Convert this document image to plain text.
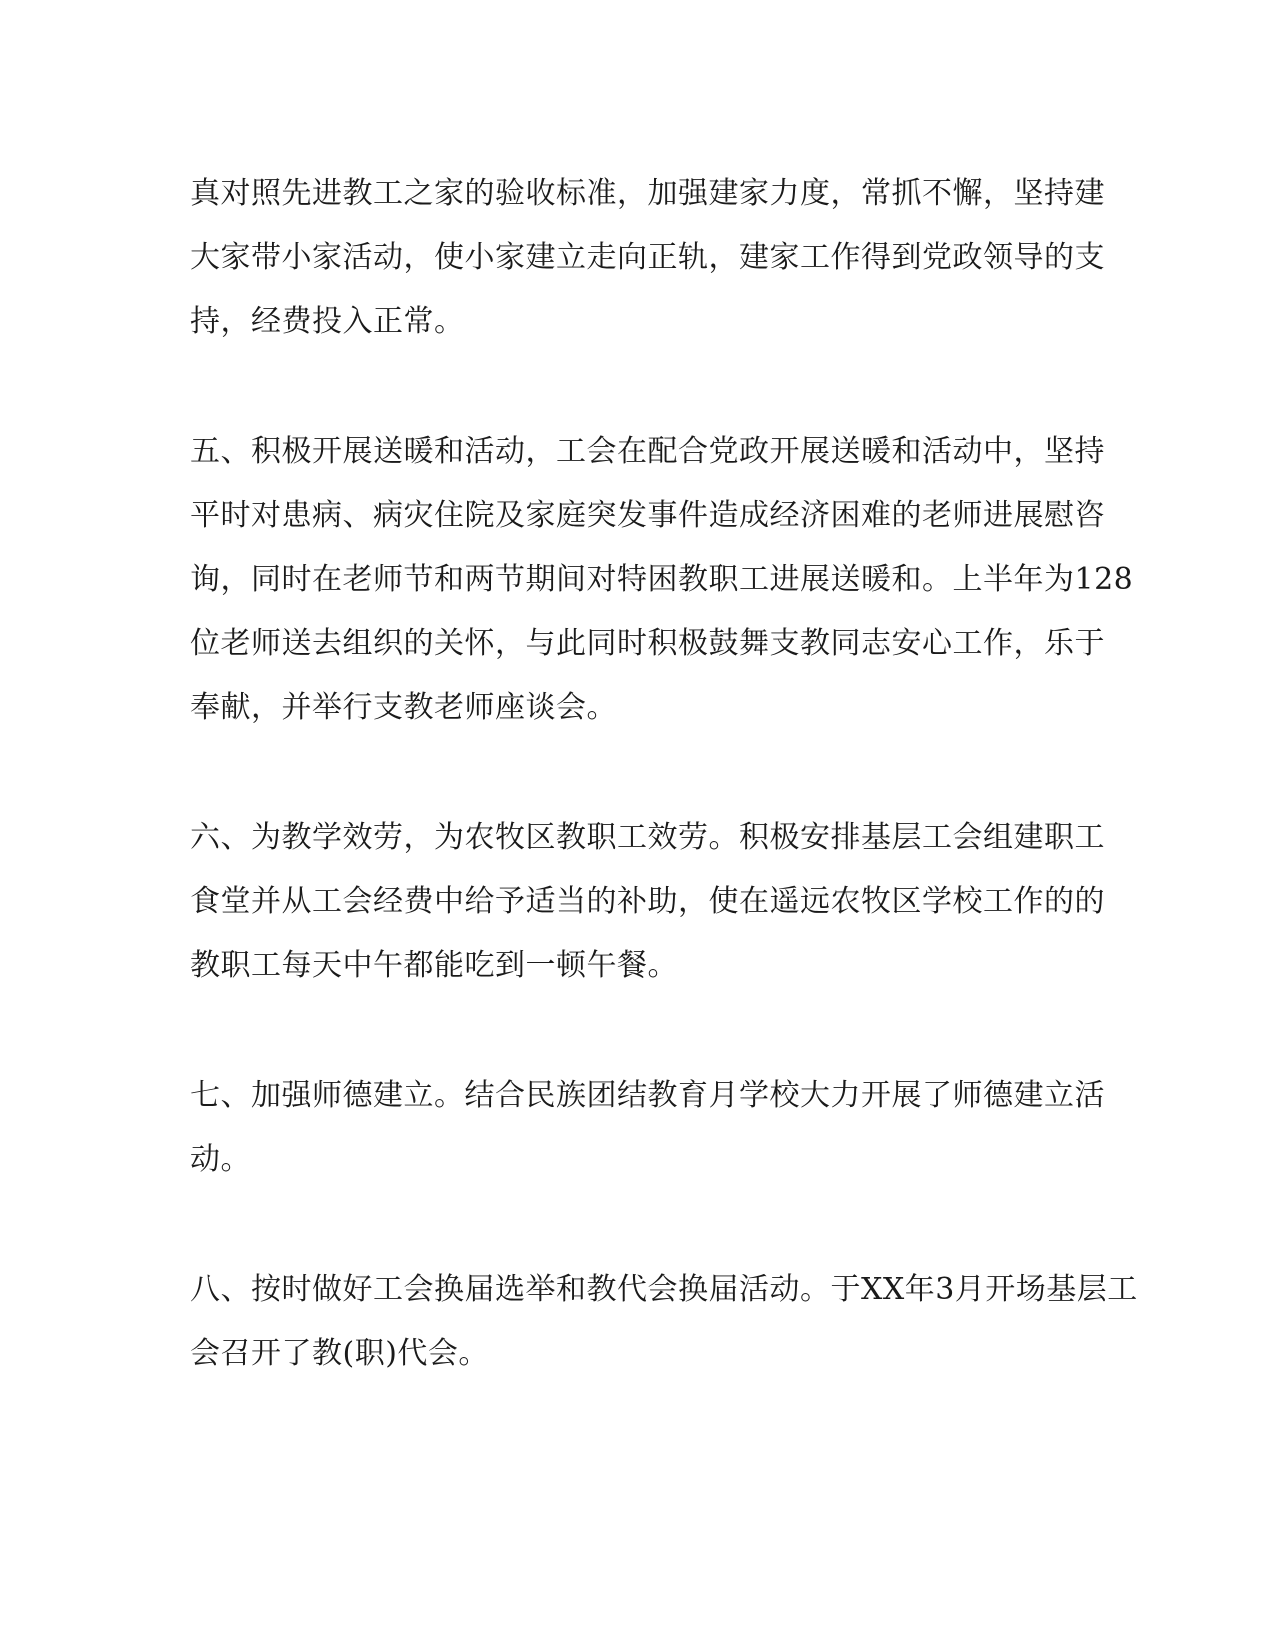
真对照先进教工之家的验收标准，加强建家力度，常抓不懈，坚持建
大家带小家活动，使小家建立走向正轨，建家工作得到党政领导的支
持，经费投入正常。
五、积极开展送暖和活动，工会在配合党政开展送暖和活动中，坚持
平时对患病、病灾住院及家庭突发事件造成经济困难的老师进展慰咨
询，同时在老师节和两节期间对特困教职工进展送暖和。上半年为128
位老师送去组织的关怀，与此同时积极鼓舞支教同志安心工作，乐于
奉献，并举行支教老师座谈会。
六、为教学效劳，为农牧区教职工效劳。积极安排基层工会组建职工
食堂并从工会经费中给予适当的补助，使在遥远农牧区学校工作的的
教职工每天中午都能吃到一顿午餐。
七、加强师德建立。结合民族团结教育月学校大力开展了师德建立活
动。
八、按时做好工会换届选举和教代会换届活动。于XX年3月开场基层工
会召开了教(职)代会。
